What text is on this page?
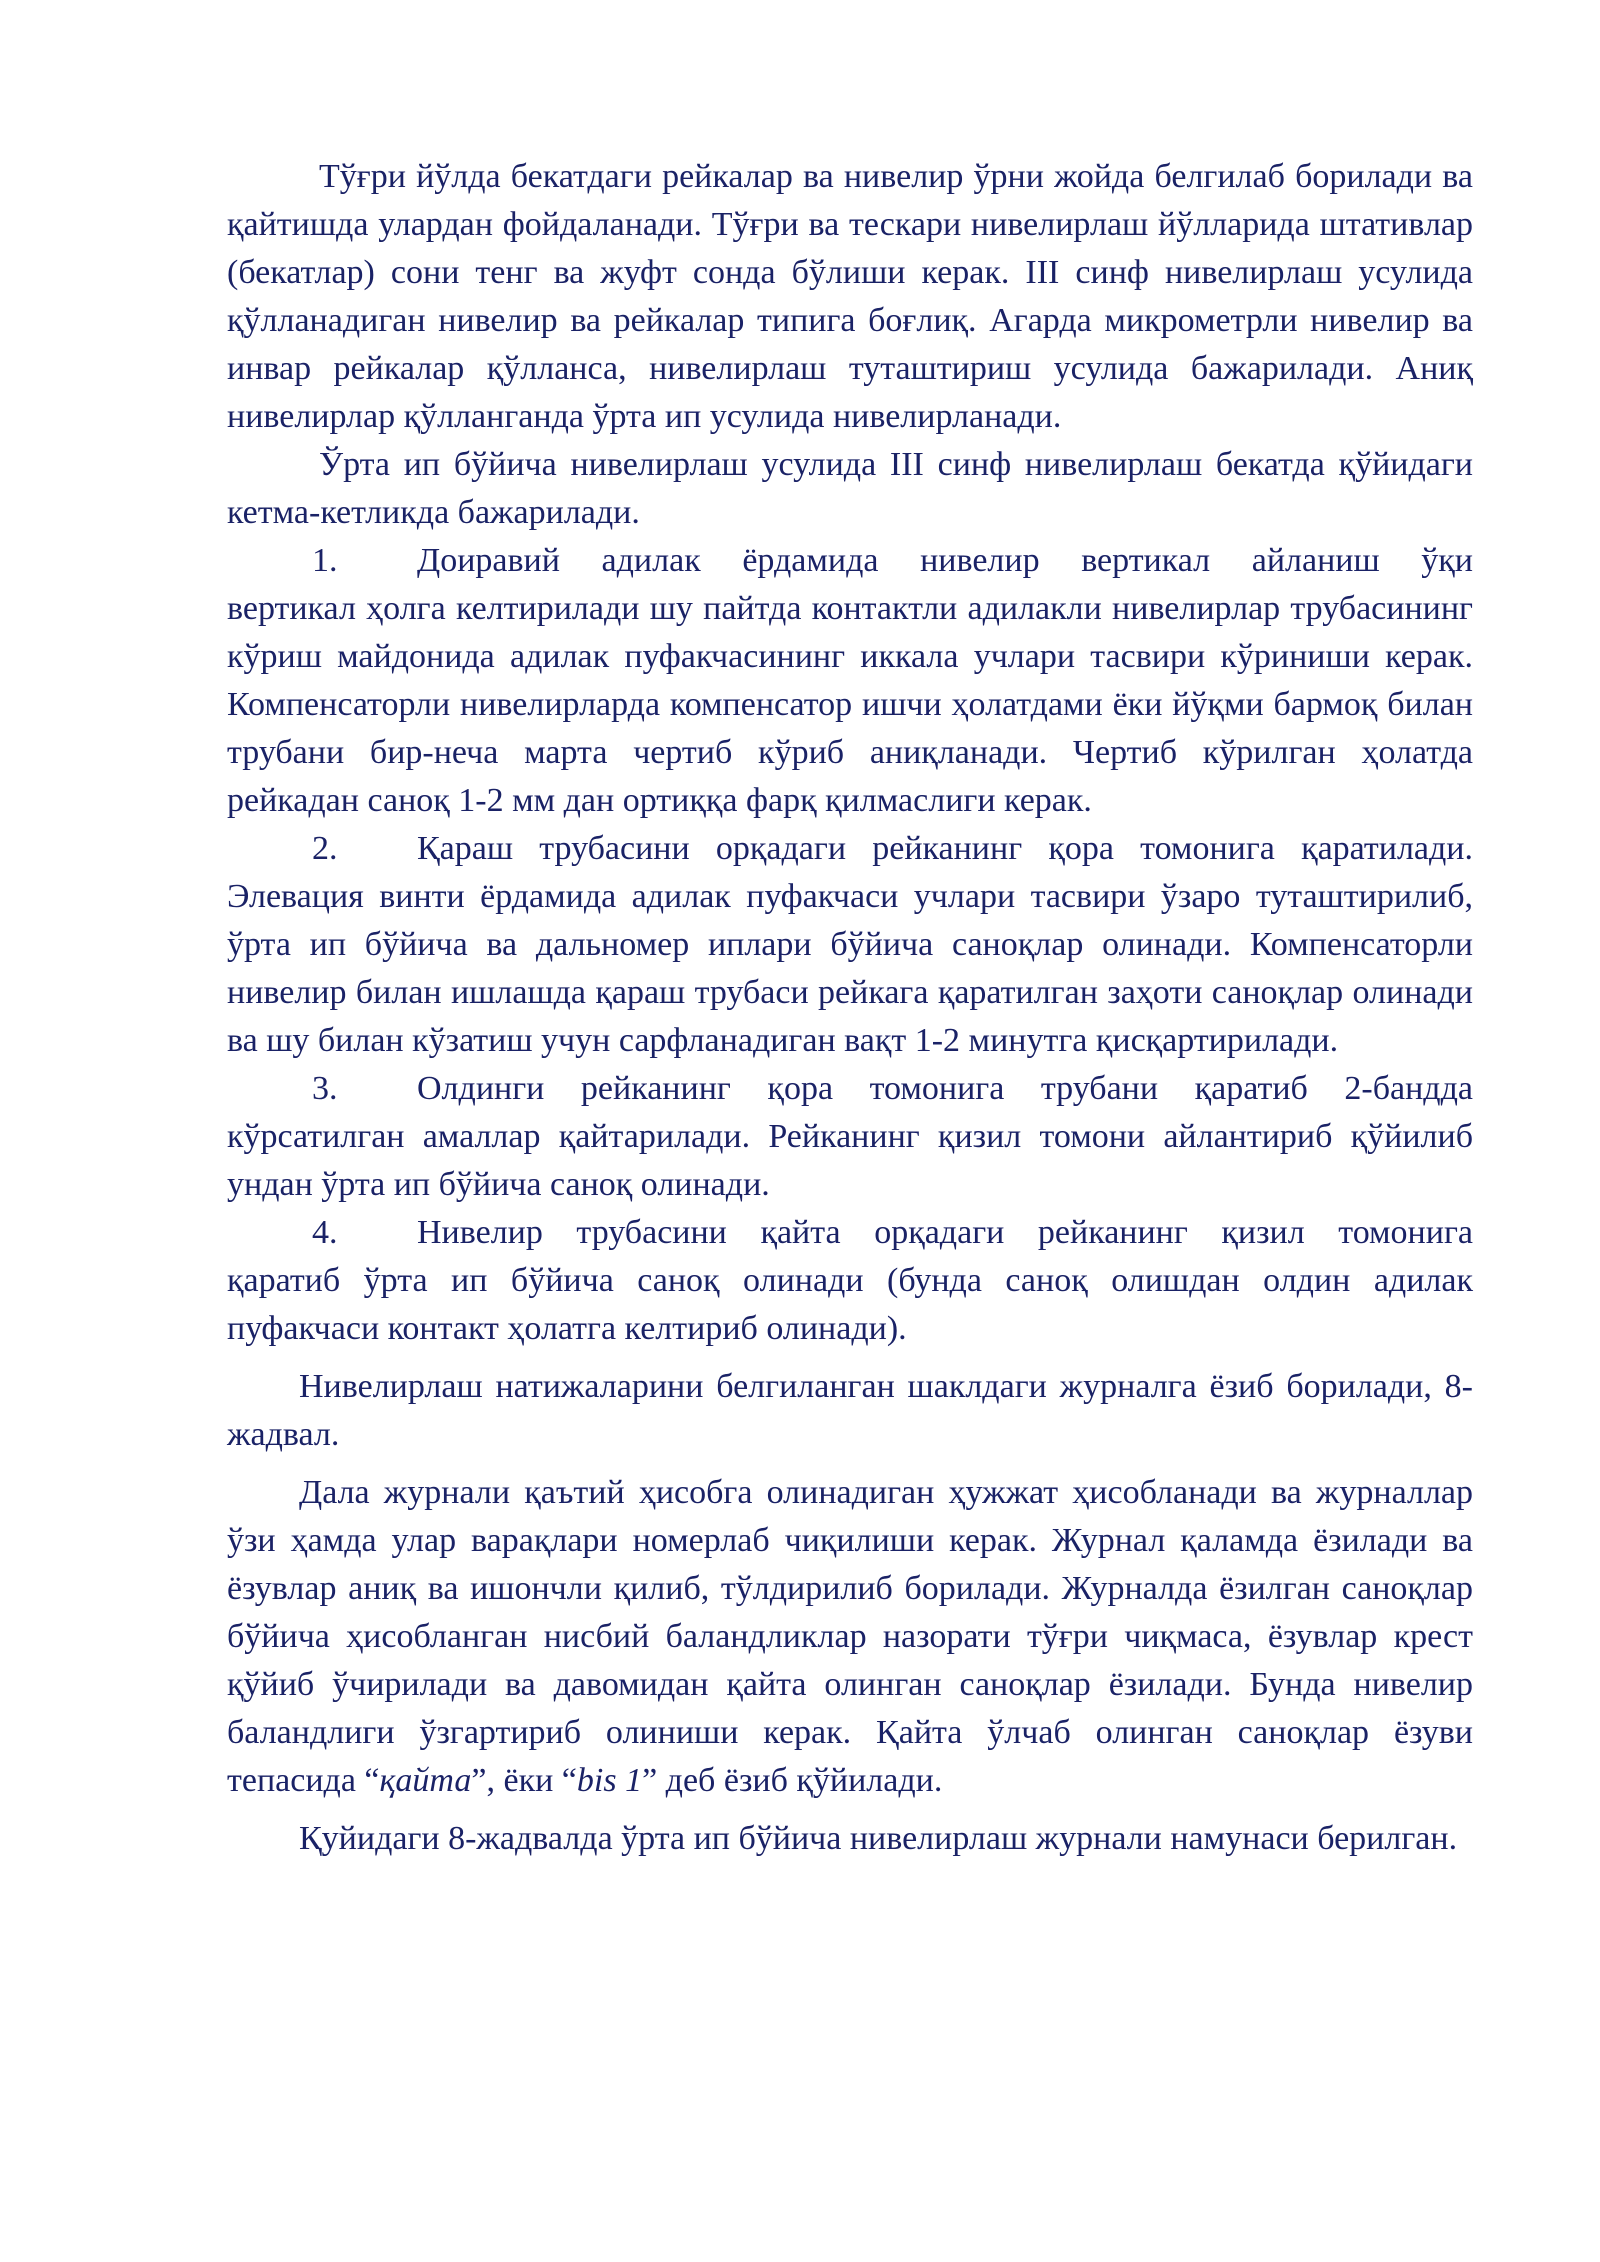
Тўғри йўлда бекатдаги рейкалар ва нивелир ўрни жойда белгилаб борилади ва қайтишда улардан фойдаланади. Тўғри ва тескари нивелирлаш йўлларида штативлар (бекатлар) сони тенг ва жуфт сонда бўлиши керак. III синф нивелирлаш усулида қўлланадиган нивелир ва рейкалар типига боғлиқ. Агарда микрометрли нивелир ва инвар рейкалар қўлланса, нивелирлаш туташтириш усулида бажарилади. Аниқ нивелирлар қўлланганда ўрта ип усулида нивелирланади.

Ўрта ип бўйича нивелирлаш усулида III синф нивелирлаш бекатда қўйидаги кетма-кетликда бажарилади.

1. Доиравий адилак ёрдамида нивелир вертикал айланиш ўқи
вертикал ҳолга келтирилади шу пайтда контактли адилакли нивелирлар трубасининг кўриш майдонида адилак пуфакчасининг иккала учлари тасвири кўриниши керак. Компенсаторли нивелирларда компенсатор ишчи ҳолатдами ёки йўқми бармоқ билан трубани бир-неча марта чертиб кўриб аниқланади. Чертиб кўрилган ҳолатда рейкадан саноқ 1-2 мм дан ортиққа фарқ қилмаслиги керак.
2. Қараш трубасини орқадаги рейканинг қора томонига қаратилади.
Элевация винти ёрдамида адилак пуфакчаси учлари тасвири ўзаро туташтирилиб, ўрта ип бўйича ва дальномер иплари бўйича саноқлар олинади. Компенсаторли нивелир билан ишлашда қараш трубаси рейкага қаратилган заҳоти саноқлар олинади ва шу билан кўзатиш учун сарфланадиган вақт 1-2 минутга қисқартирилади.
3. Олдинги рейканинг қора томонига трубани қаратиб 2-бандда
кўрсатилган амаллар қайтарилади. Рейканинг қизил томони айлантириб қўйилиб ундан ўрта ип бўйича саноқ олинади.
4. Нивелир трубасини қайта орқадаги рейканинг қизил томонига
қаратиб ўрта ип бўйича саноқ олинади (бунда саноқ олишдан олдин адилак пуфакчаси контакт ҳолатга келтириб олинади).

Нивелирлаш натижаларини белгиланган шаклдаги журналга ёзиб борилади, 8-жадвал.

Дала журнали қаътий ҳисобга олинадиган ҳужжат ҳисобланади ва журналлар ўзи ҳамда улар варақлари номерлаб чиқилиши керак. Журнал қаламда ёзилади ва ёзувлар аниқ ва ишончли қилиб, тўлдирилиб борилади. Журналда ёзилган саноқлар бўйича ҳисобланган нисбий баландликлар назорати тўғри чиқмаса, ёзувлар крест қўйиб ўчирилади ва давомидан қайта олинган саноқлар ёзилади. Бунда нивелир баландлиги ўзгартириб олиниши керак. Қайта ўлчаб олинган саноқлар ёзуви тепасида “қайта”, ёки “bis 1” деб ёзиб қўйилади.

Қуйидаги 8-жадвалда ўрта ип бўйича нивелирлаш журнали намунаси берилган.
